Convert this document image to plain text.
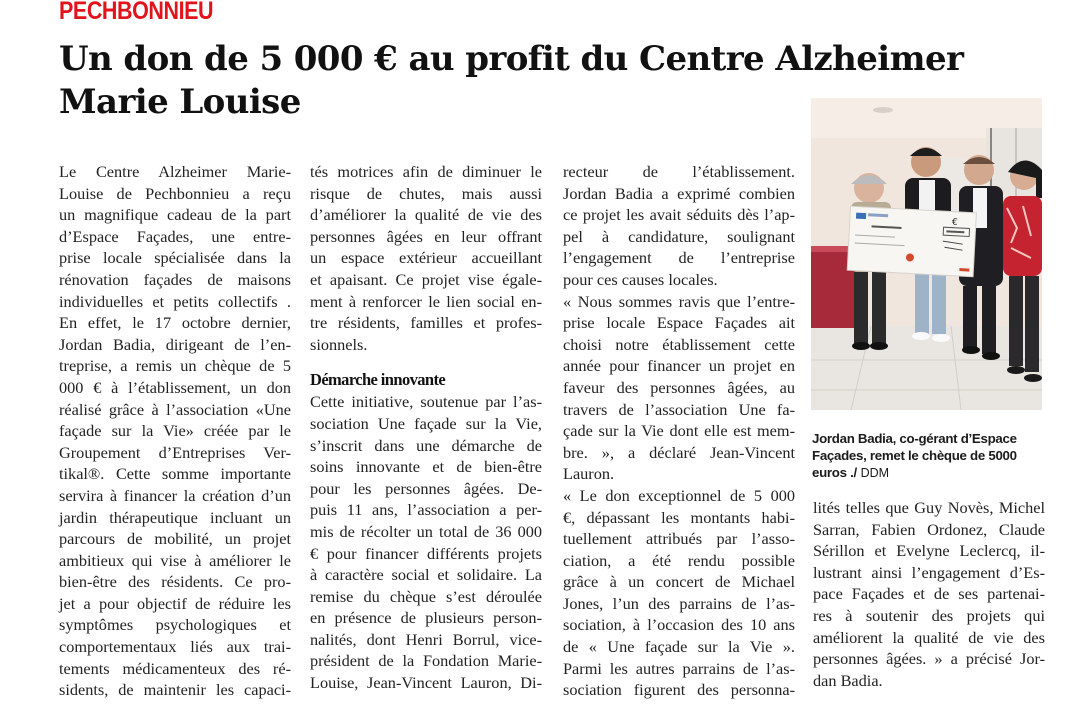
PECHBONNIEU
Un don de 5 000 € au profit du Centre Alzheimer Marie Louise
Le Centre Alzheimer Marie-
Louise de Pechbonnieu a reçu
un magnifique cadeau de la part
d’Espace Façades, une entre-
prise locale spécialisée dans la
rénovation façades de maisons
individuelles et petits collectifs .
En effet, le 17 octobre dernier,
Jordan Badia, dirigeant de l’en-
treprise, a remis un chèque de 5
000 € à l’établissement, un don
réalisé grâce à l’association «Une
façade sur la Vie» créée par le
Groupement d’Entreprises Ver-
tikal®. Cette somme importante
servira à financer la création d’un
jardin thérapeutique incluant un
parcours de mobilité, un projet
ambitieux qui vise à améliorer le
bien-être des résidents. Ce pro-
jet a pour objectif de réduire les
symptômes psychologiques et
comportementaux liés aux trai-
tements médicamenteux des ré-
sidents, de maintenir les capaci-
tés motrices afin de diminuer le
risque de chutes, mais aussi
d’améliorer la qualité de vie des
personnes âgées en leur offrant
un espace extérieur accueillant
et apaisant. Ce projet vise égale-
ment à renforcer le lien social en-
tre résidents, familles et profes-
sionnels.
Démarche innovante
Cette initiative, soutenue par l’as-
sociation Une façade sur la Vie,
s’inscrit dans une démarche de
soins innovante et de bien-être
pour les personnes âgées. De-
puis 11 ans, l’association a per-
mis de récolter un total de 36 000
€ pour financer différents projets
à caractère social et solidaire. La
remise du chèque s’est déroulée
en présence de plusieurs person-
nalités, dont Henri Borrul, vice-
président de la Fondation Marie-
Louise, Jean-Vincent Lauron, Di-
recteur de l’établissement.
Jordan Badia a exprimé combien
ce projet les avait séduits dès l’ap-
pel à candidature, soulignant
l’engagement de l’entreprise
pour ces causes locales.
« Nous sommes ravis que l’entre-
prise locale Espace Façades ait
choisi notre établissement cette
année pour financer un projet en
faveur des personnes âgées, au
travers de l’association Une fa-
çade sur la Vie dont elle est mem-
bre. », a déclaré Jean-Vincent
Lauron.
« Le don exceptionnel de 5 000
€, dépassant les montants habi-
tuellement attribués par l’asso-
ciation, a été rendu possible
grâce à un concert de Michael
Jones, l’un des parrains de l’as-
sociation, à l’occasion des 10 ans
de « Une façade sur la Vie ».
Parmi les autres parrains de l’as-
sociation figurent des personna-
€
Jordan Badia, co-gérant d’Espace Façades, remet le chèque de 5000 euros ./ DDM
lités telles que Guy Novès, Michel
Sarran, Fabien Ordonez, Claude
Sérillon et Evelyne Leclercq, il-
lustrant ainsi l’engagement d’Es-
pace Façades et de ses partenai-
res à soutenir des projets qui
améliorent la qualité de vie des
personnes âgées. » a précisé Jor-
dan Badia.
